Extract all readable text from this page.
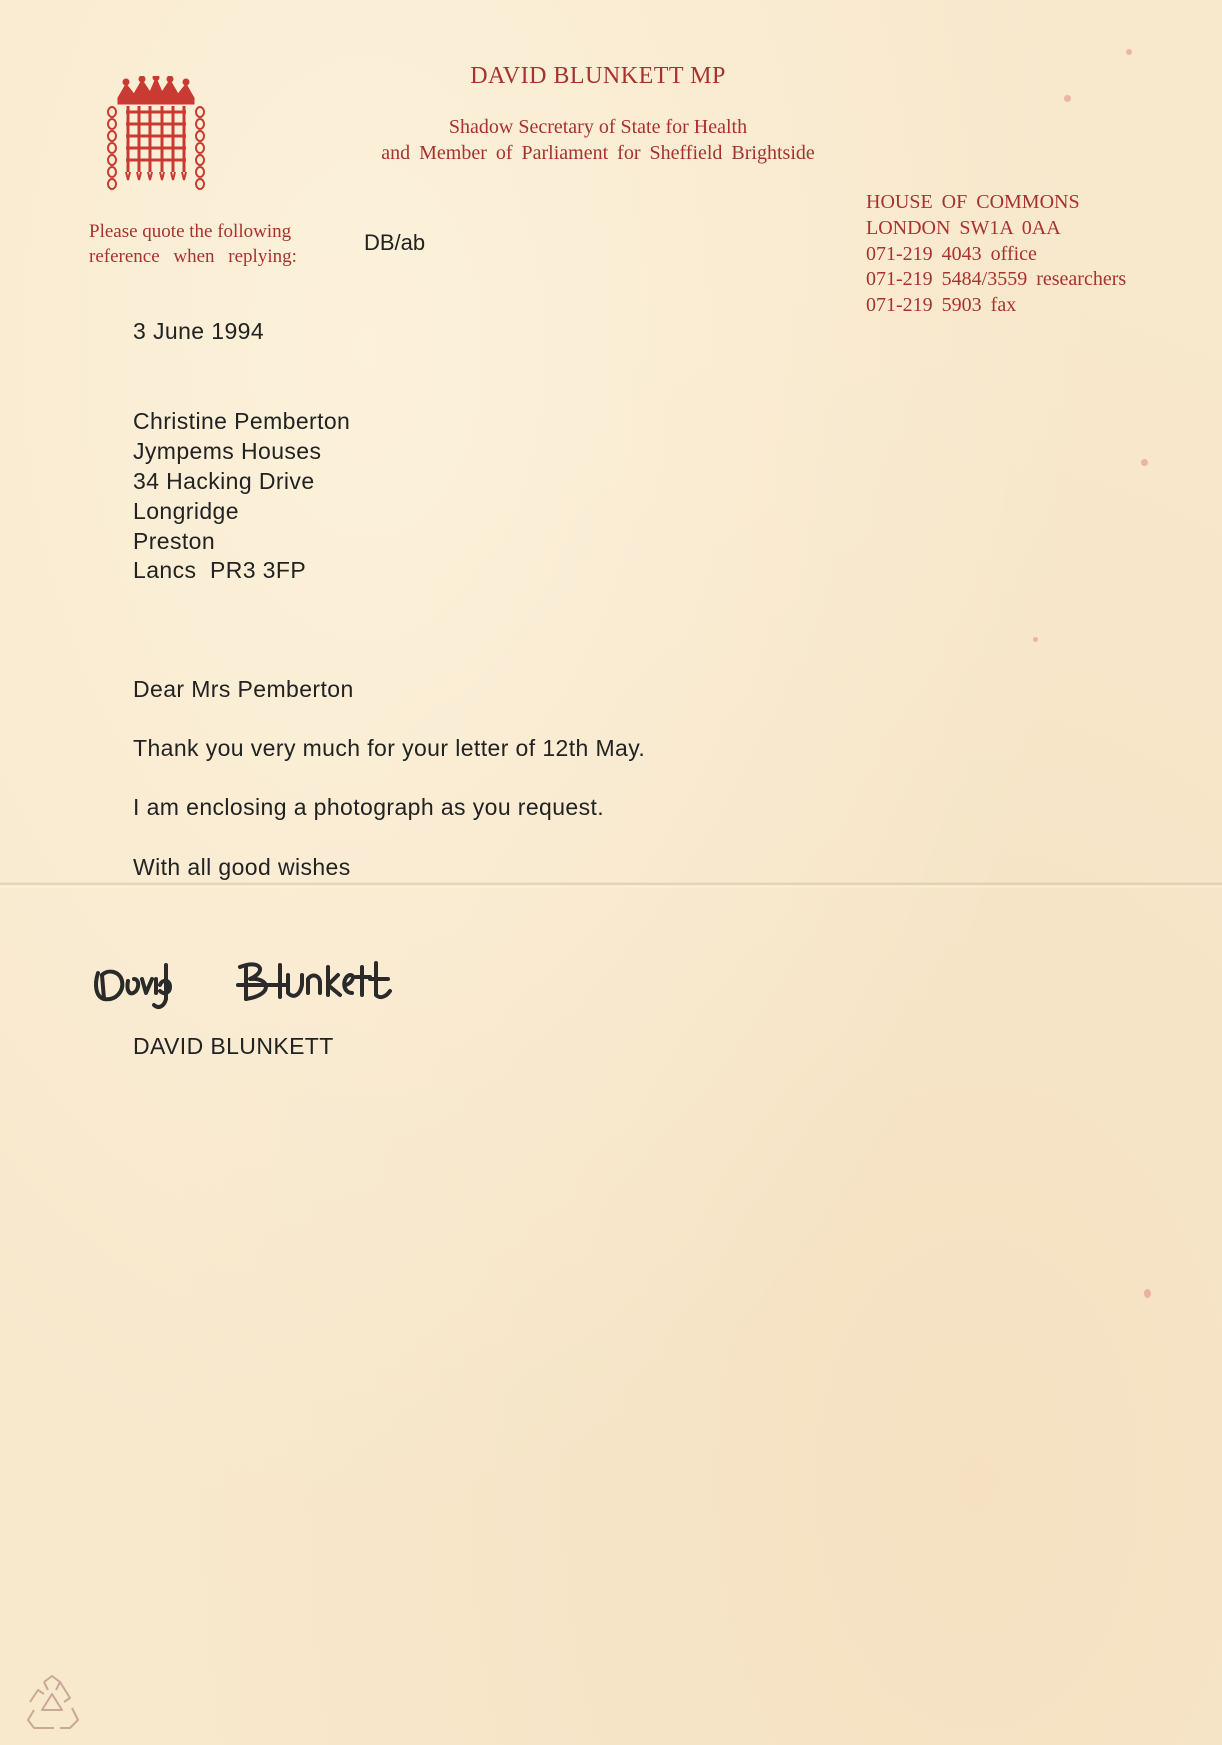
DAVID BLUNKETT MP
Shadow Secretary of State for Health
and Member of Parliament for Sheffield Brightside
Please quote the following
reference when replying:
DB/ab
HOUSE OF COMMONS
LONDON SW1A 0AA
071-219 4043 office
071-219 5484/3559 researchers
071-219 5903 fax
3 June 1994
Christine Pemberton
Jympems Houses
34 Hacking Drive
Longridge
Preston
Lancs  PR3 3FP
Dear Mrs Pemberton
Thank you very much for your letter of 12th May.
I am enclosing a photograph as you request.
With all good wishes
DAVID BLUNKETT
